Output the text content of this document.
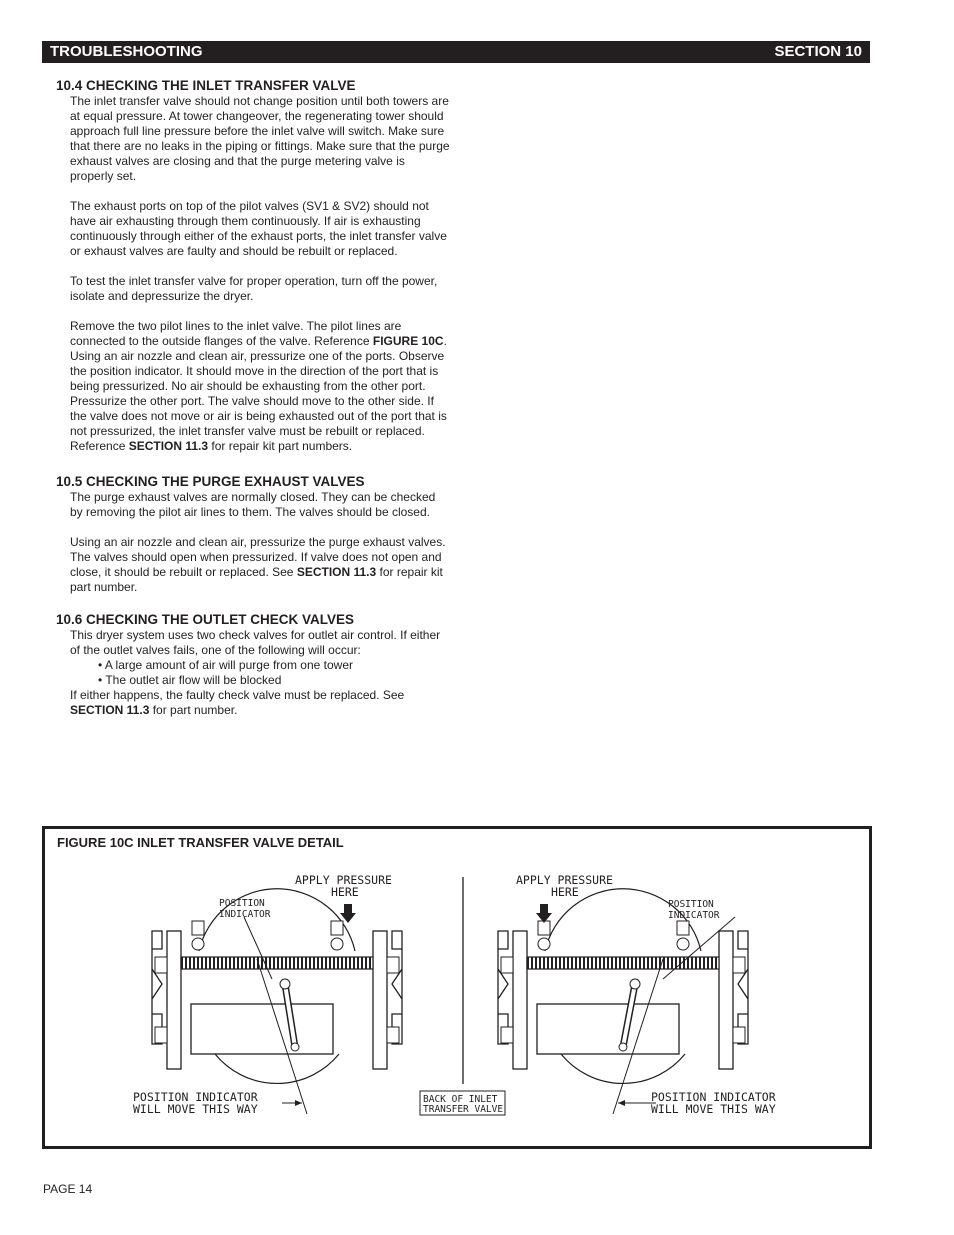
TROUBLESHOOTING	SECTION 10
10.4 CHECKING THE INLET TRANSFER VALVE

The inlet transfer valve should not change position until both towers are at equal pressure. At tower changeover, the regenerating tower should approach full line pressure before the inlet valve will switch. Make sure that there are no leaks in the piping or fittings. Make sure that the purge exhaust valves are closing and that the purge metering valve is properly set.

The exhaust ports on top of the pilot valves (SV1 & SV2) should not have air exhausting through them continuously. If air is exhausting continuously through either of the exhaust ports, the inlet transfer valve or exhaust valves are faulty and should be rebuilt or replaced.

To test the inlet transfer valve for proper operation, turn off the power, isolate and depressurize the dryer.

Remove the two pilot lines to the inlet valve. The pilot lines are connected to the outside flanges of the valve. Reference FIGURE 10C. Using an air nozzle and clean air, pressurize one of the ports. Observe the position indicator. It should move in the direction of the port that is being pressurized. No air should be exhausting from the other port. Pressurize the other port. The valve should move to the other side. If the valve does not move or air is being exhausted out of the port that is not pressurized, the inlet transfer valve must be rebuilt or replaced. Reference SECTION 11.3 for repair kit part numbers.

10.5 CHECKING THE PURGE EXHAUST VALVES

The purge exhaust valves are normally closed. They can be checked by removing the pilot air lines to them. The valves should be closed.

Using an air nozzle and clean air, pressurize the purge exhaust valves. The valves should open when pressurized. If valve does not open and close, it should be rebuilt or replaced. See SECTION 11.3 for repair kit part number.

10.6 CHECKING THE OUTLET CHECK VALVES
This dryer system uses two check valves for outlet air control. If either of the outlet valves fails, one of the following will occur:
• A large amount of air will purge from one tower
• The outlet air flow will be blocked
If either happens, the faulty check valve must be replaced. See SECTION 11.3 for part number.
FIGURE 10C INLET TRANSFER VALVE DETAIL
APPLY PRESSURE
HERE
APPLY PRESSURE
HERE
POSITION
INDICATOR
POSITION
INDICATOR
POSITION INDICATOR
WILL MOVE THIS WAY
POSITION INDICATOR
WILL MOVE THIS WAY
BACK OF INLET
TRANSFER VALVE
PAGE 14
